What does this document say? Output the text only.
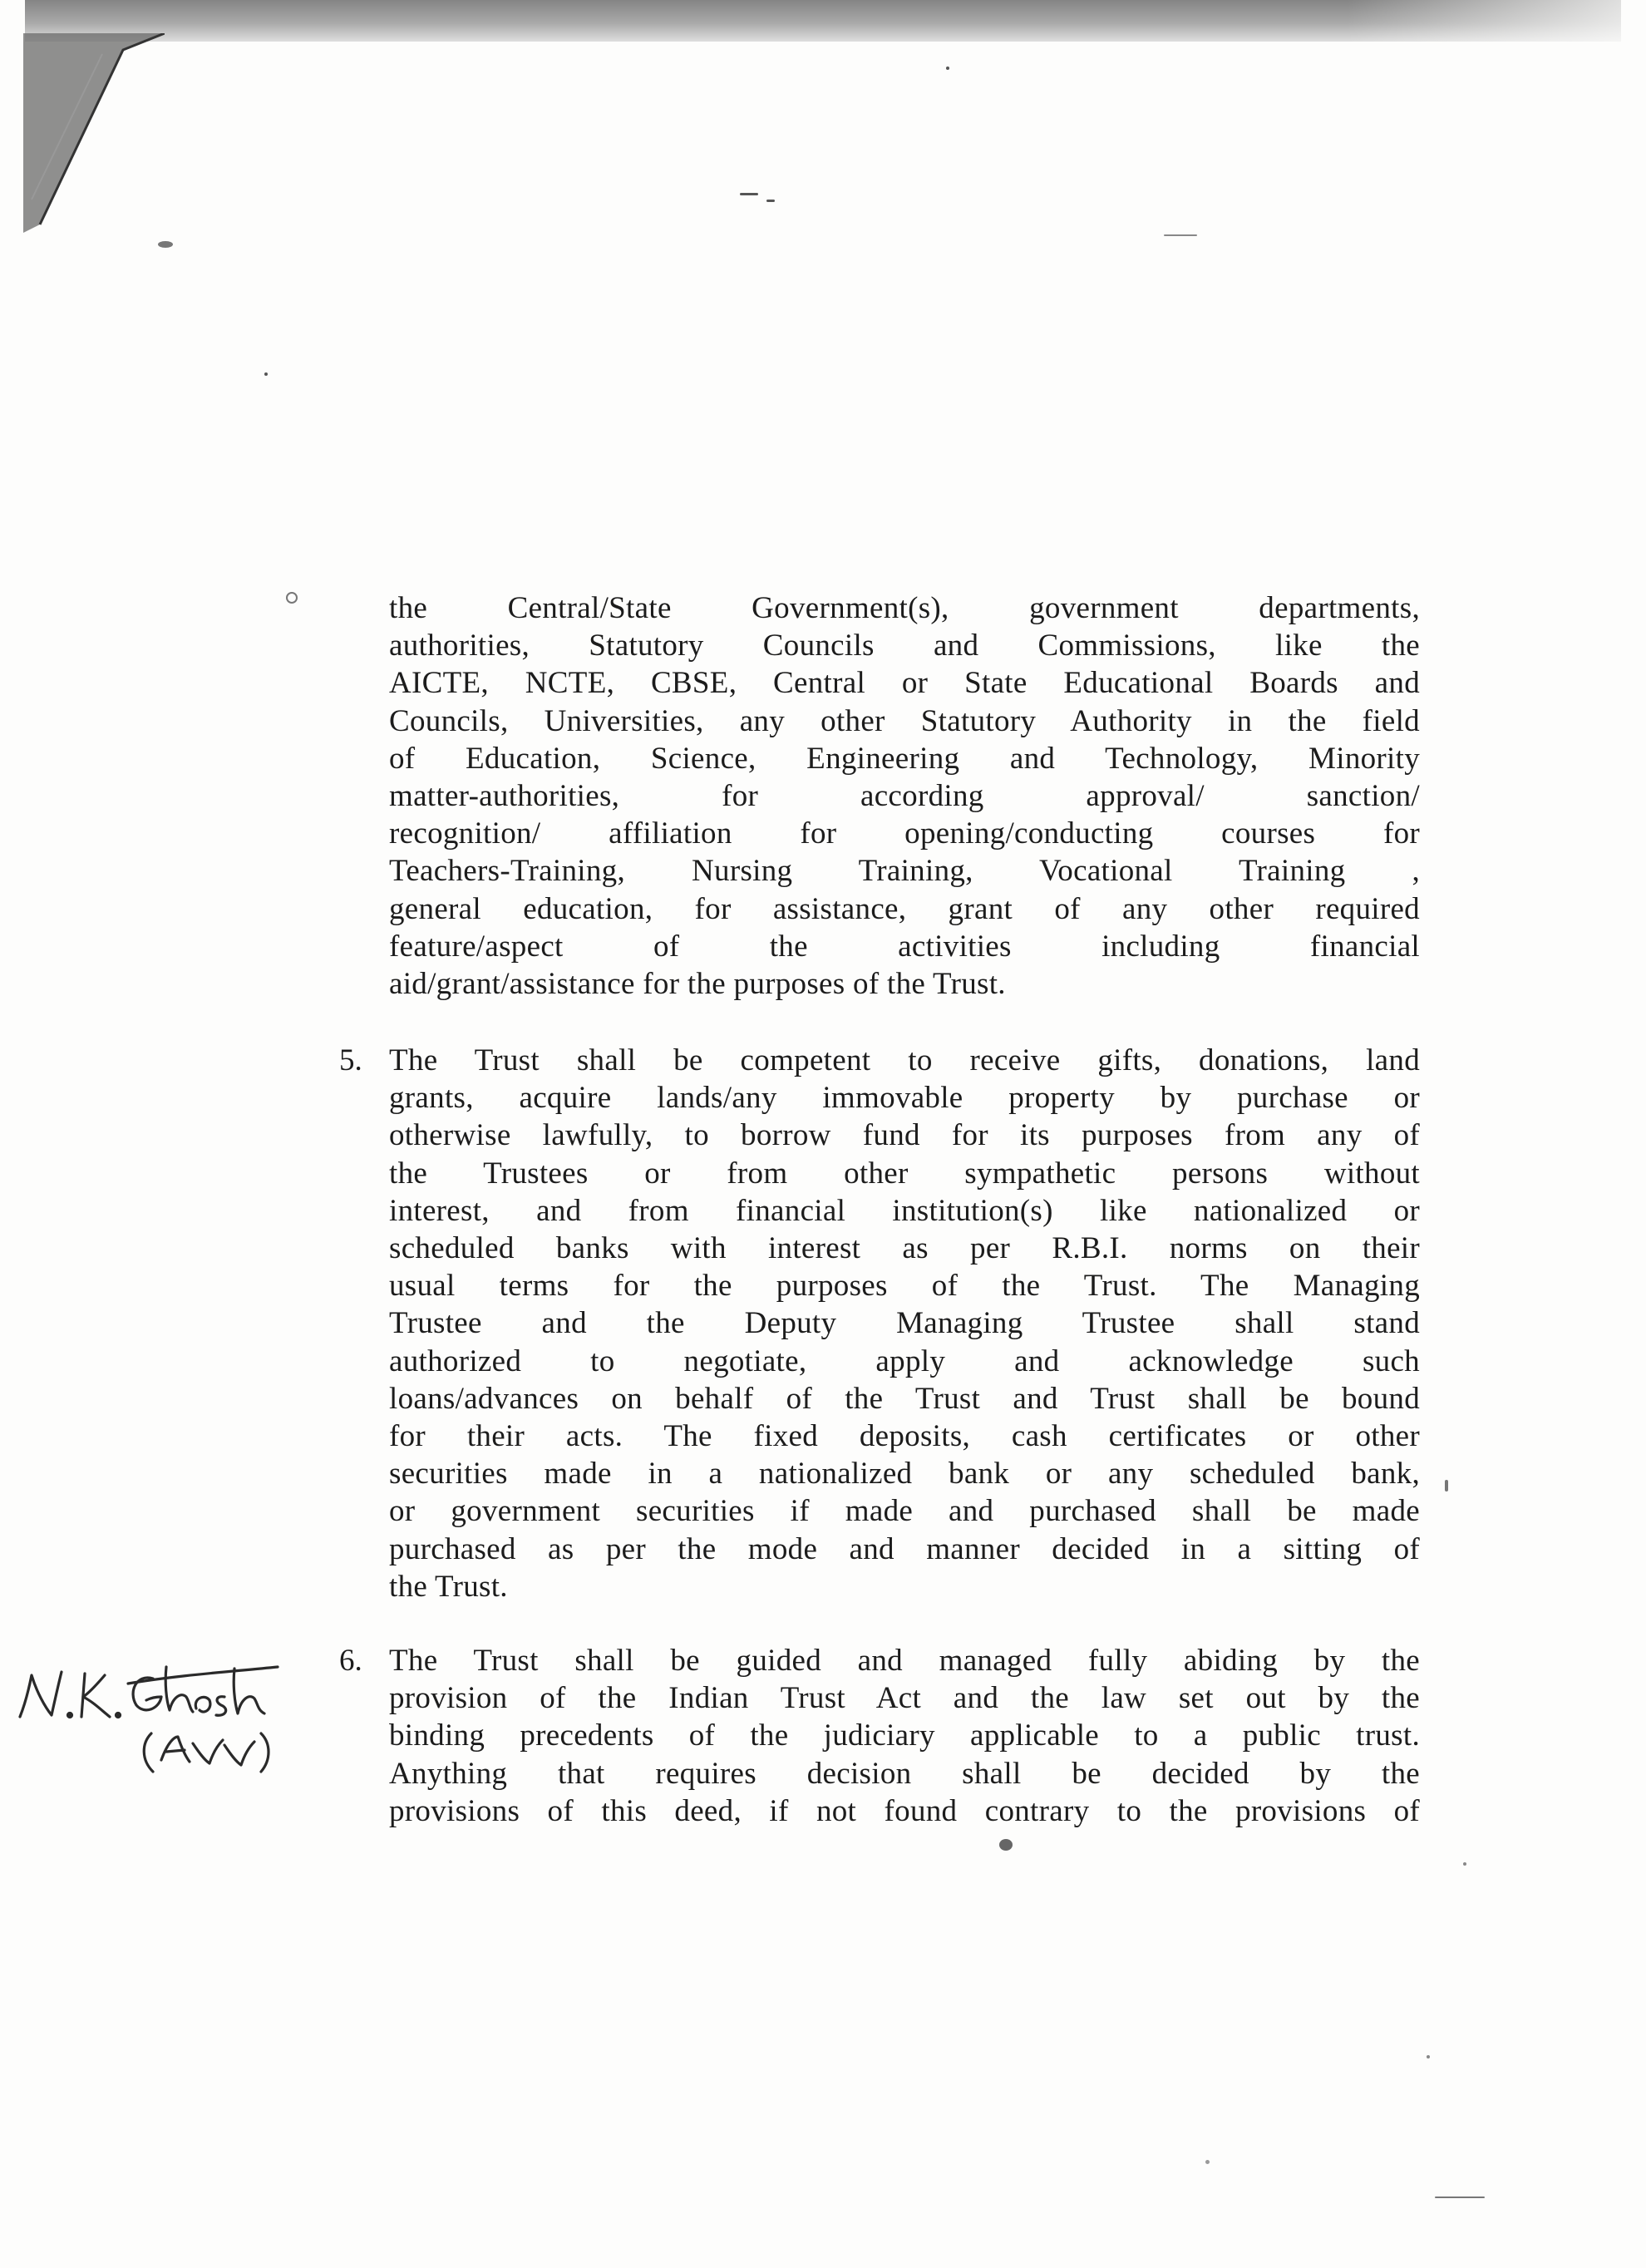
the Central/State Government(s), government departments,
authorities, Statutory Councils and Commissions, like the
AICTE, NCTE, CBSE, Central or State Educational Boards and
Councils, Universities, any other Statutory Authority in the field
of Education, Science, Engineering and Technology, Minority
matter-authorities, for according approval/ sanction/
recognition/ affiliation for opening/conducting courses for
Teachers-Training, Nursing Training, Vocational Training ,
general education, for assistance, grant of any other required
feature/aspect of the activities including financial
aid/grant/assistance for the purposes of the Trust.
5. The Trust shall be competent to receive gifts, donations, land
grants, acquire lands/any immovable property by purchase or
otherwise lawfully, to borrow fund for its purposes from any of
the Trustees or from other sympathetic persons without
interest, and from financial institution(s) like nationalized or
scheduled banks with interest as per R.B.I. norms on their
usual terms for the purposes of the Trust. The Managing
Trustee and the Deputy Managing Trustee shall stand
authorized to negotiate, apply and acknowledge such
loans/advances on behalf of the Trust and Trust shall be bound
for their acts. The fixed deposits, cash certificates or other
securities made in a nationalized bank or any scheduled bank,
or government securities if made and purchased shall be made
purchased as per the mode and manner decided in a sitting of
the Trust.
6. The Trust shall be guided and managed fully abiding by the
provision of the Indian Trust Act and the law set out by the
binding precedents of the judiciary applicable to a public trust.
Anything that requires decision shall be decided by the
provisions of this deed, if not found contrary to the provisions of
